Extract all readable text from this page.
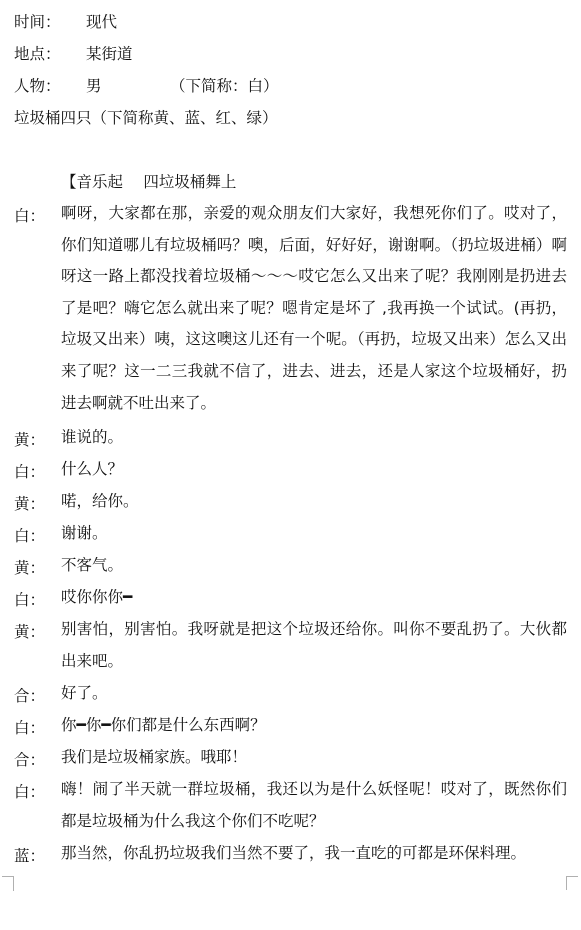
时间： 现代
地点： 某街道
人物： 男	（下简称：白）
垃圾桶四只（下简称黄、蓝、红、绿）
【音乐起　 四垃圾桶舞上
白：	啊呀，大家都在那，亲爱的观众朋友们大家好，我想死你们了。哎对了，你们知道哪儿有垃圾桶吗？噢，后面，好好好，谢谢啊。（扔垃圾进桶）啊呀这一路上都没找着垃圾桶～～～哎它怎么又出来了呢？我刚刚是扔进去了是吧？嗨它怎么就出来了呢？嗯肯定是坏了 ,我再换一个试试。(再扔，垃圾又出来）咦，这这噢这儿还有一个呢。（再扔，垃圾又出来）怎么又出来了呢？这一二三我就不信了，进去、进去，还是人家这个垃圾桶好，扔进去啊就不吐出来了。
黄：	谁说的。
白：	什么人？
黄：	喏，给你。
白：	谢谢。
黄：	不客气。
白：	哎你你你━
黄：	别害怕，别害怕。我呀就是把这个垃圾还给你。叫你不要乱扔了。大伙都出来吧。
合：	好了。
白：	你━你━你们都是什么东西啊？
合：	我们是垃圾桶家族。哦耶！
白：	嗨！闹了半天就一群垃圾桶，我还以为是什么妖怪呢！哎对了，既然你们都是垃圾桶为什么我这个你们不吃呢？
蓝：	那当然，你乱扔垃圾我们当然不要了，我一直吃的可都是环保料理。
